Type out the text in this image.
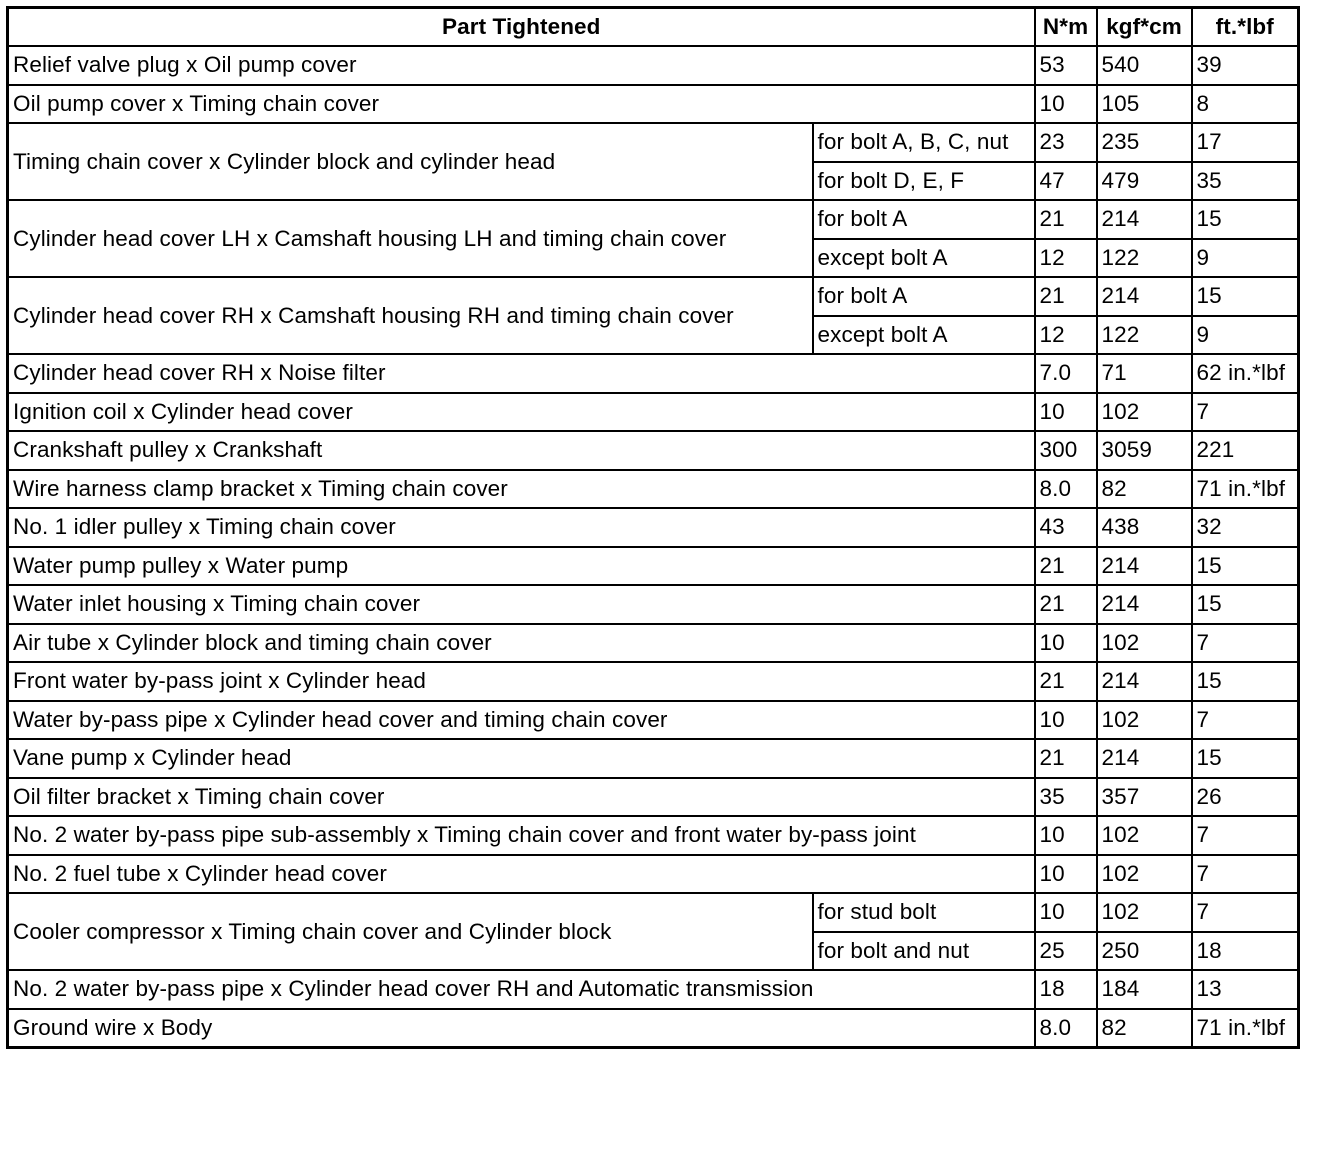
Part Tightened		N*m	kgf*cm	ft.*lbf
Relief valve plug x Oil pump cover		53	540	39
Oil pump cover x Timing chain cover		10	105	8
Timing chain cover x Cylinder block and cylinder head	for bolt A, B, C, nut	23	235	17
	for bolt D, E, F	47	479	35
Cylinder head cover LH x Camshaft housing LH and timing chain cover	for bolt A	21	214	15
	except bolt A	12	122	9
Cylinder head cover RH x Camshaft housing RH and timing chain cover	for bolt A	21	214	15
	except bolt A	12	122	9
Cylinder head cover RH x Noise filter		7.0	71	62 in.*lbf
Ignition coil x Cylinder head cover		10	102	7
Crankshaft pulley x Crankshaft		300	3059	221
Wire harness clamp bracket x Timing chain cover		8.0	82	71 in.*lbf
No. 1 idler pulley x Timing chain cover		43	438	32
Water pump pulley x Water pump		21	214	15
Water inlet housing x Timing chain cover		21	214	15
Air tube x Cylinder block and timing chain cover		10	102	7
Front water by-pass joint x Cylinder head		21	214	15
Water by-pass pipe x Cylinder head cover and timing chain cover		10	102	7
Vane pump x Cylinder head		21	214	15
Oil filter bracket x Timing chain cover		35	357	26
No. 2 water by-pass pipe sub-assembly x Timing chain cover and front water by-pass joint		10	102	7
No. 2 fuel tube x Cylinder head cover		10	102	7
Cooler compressor x Timing chain cover and Cylinder block	for stud bolt	10	102	7
	for bolt and nut	25	250	18
No. 2 water by-pass pipe x Cylinder head cover RH and Automatic transmission		18	184	13
Ground wire x Body		8.0	82	71 in.*lbf
